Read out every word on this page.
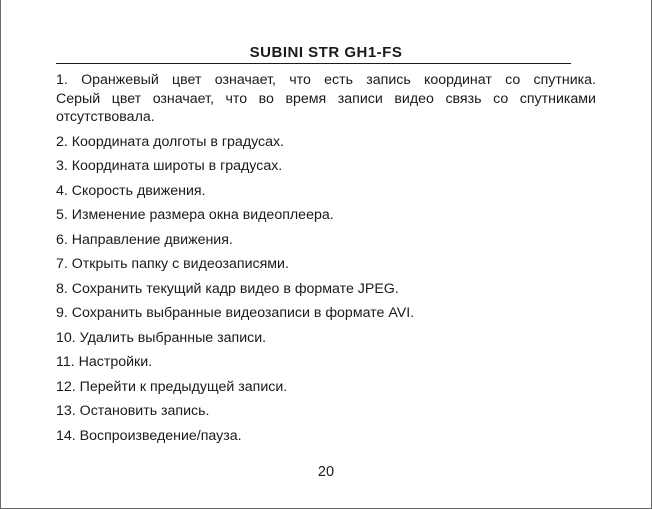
SUBINI STR GH1-FS

1. Оранжевый цвет означает, что есть запись координат со спутника.
Серый цвет означает, что во время записи видео связь со спутниками
отсутствовала.

2. Координата долготы в градусах.
3. Координата широты в градусах.
4. Скорость движения.
5. Изменение размера окна видеоплеера.
6. Направление движения.
7. Открыть папку с видеозаписями.
8. Сохранить текущий кадр видео в формате JPEG.
9. Сохранить выбранные видеозаписи в формате AVI.
10. Удалить выбранные записи.
11. Настройки.
12. Перейти к предыдущей записи.
13. Остановить запись.
14. Воспроизведение/пауза.
20
